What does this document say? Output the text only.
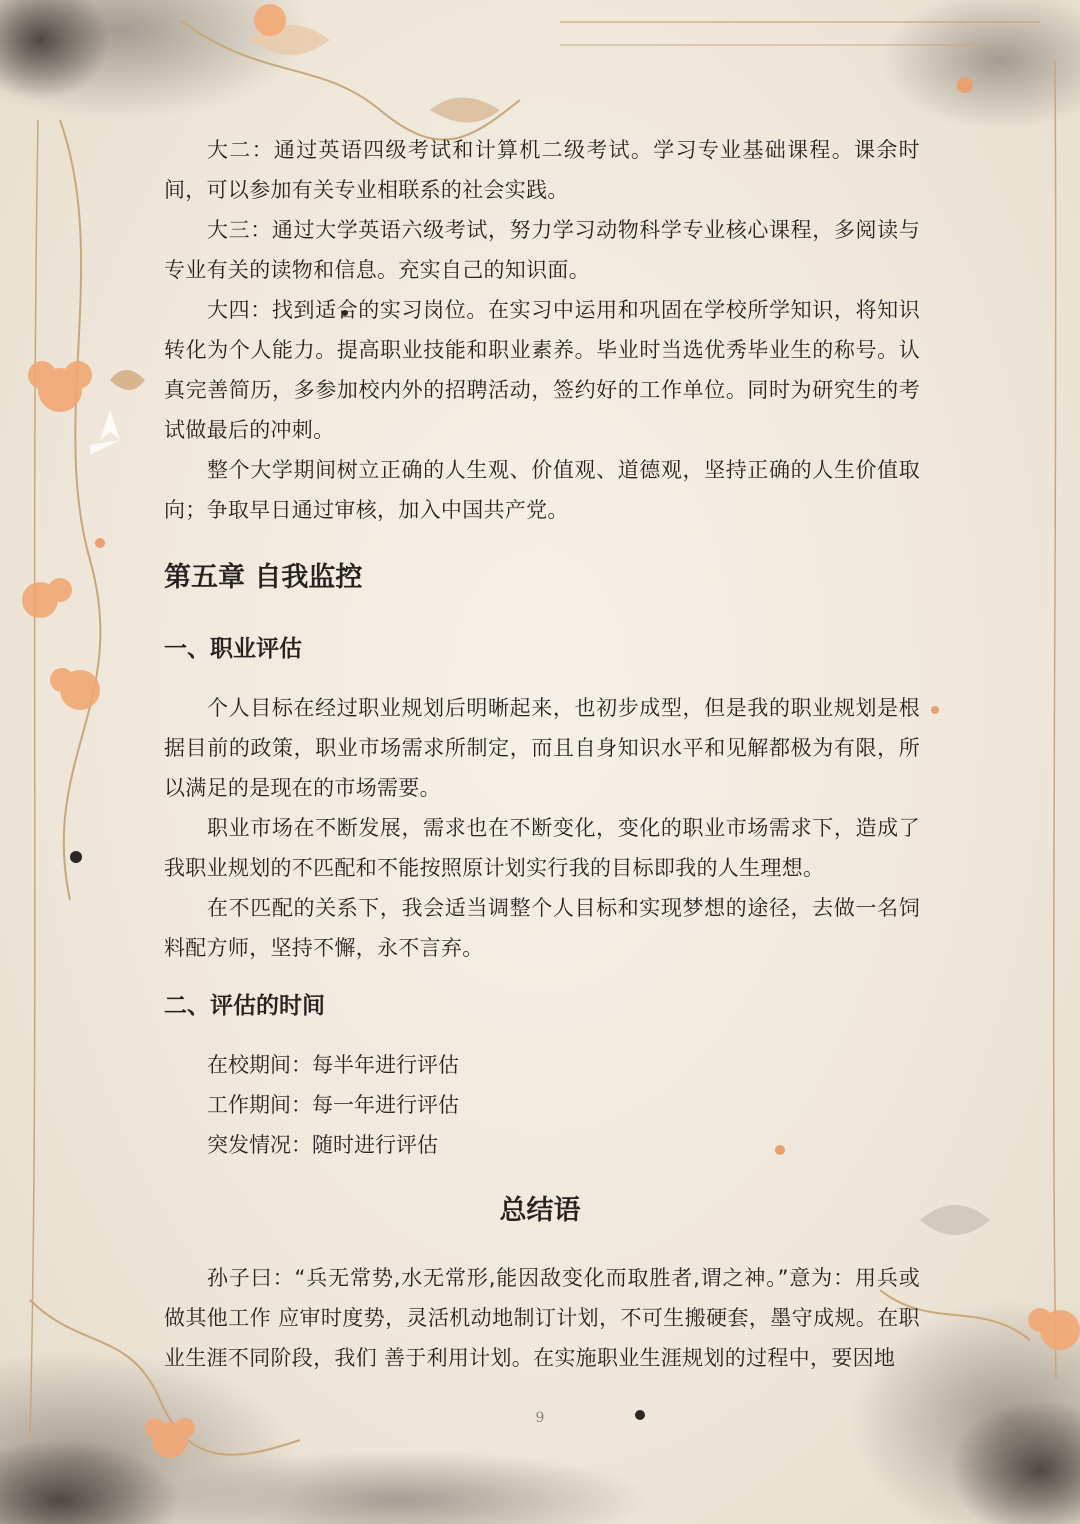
大二：通过英语四级考试和计算机二级考试。学习专业基础课程。课余时间，可以参加有关专业相联系的社会实践。

大三：通过大学英语六级考试，努力学习动物科学专业核心课程，多阅读与专业有关的读物和信息。充实自己的知识面。

大四：找到适合的实习岗位。在实习中运用和巩固在学校所学知识，将知识转化为个人能力。提高职业技能和职业素养。毕业时当选优秀毕业生的称号。认真完善简历，多参加校内外的招聘活动，签约好的工作单位。同时为研究生的考试做最后的冲刺。

整个大学期间树立正确的人生观、价值观、道德观，坚持正确的人生价值取向；争取早日通过审核，加入中国共产党。

第五章 自我监控
一、职业评估

个人目标在经过职业规划后明晰起来，也初步成型，但是我的职业规划是根据目前的政策，职业市场需求所制定，而且自身知识水平和见解都极为有限，所以满足的是现在的市场需要。

职业市场在不断发展，需求也在不断变化，变化的职业市场需求下，造成了我职业规划的不匹配和不能按照原计划实行我的目标即我的人生理想。

在不匹配的关系下，我会适当调整个人目标和实现梦想的途径，去做一名饲料配方师，坚持不懈，永不言弃。

二、评估的时间

在校期间：每半年进行评估

工作期间：每一年进行评估

突发情况：随时进行评估

总结语

孙子曰：“兵无常势,水无常形,能因敌变化而取胜者,谓之神。”意为：用兵或做其他工作 应审时度势，灵活机动地制订计划，不可生搬硬套，墨守成规。在职业生涯不同阶段，我们 善于利用计划。在实施职业生涯规划的过程中，要因地

9
